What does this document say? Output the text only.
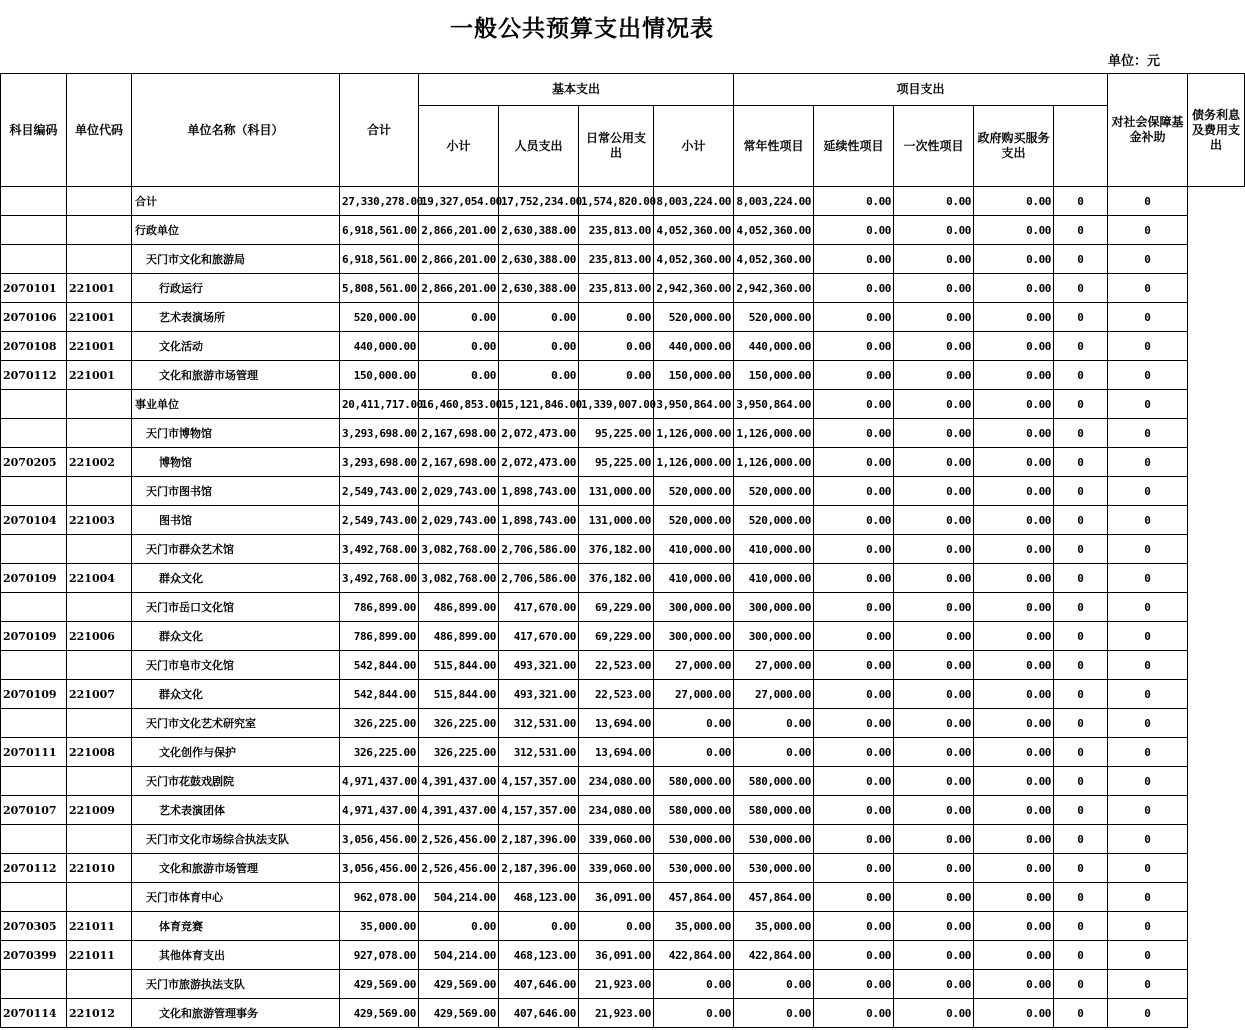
一般公共预算支出情况表
单位：元
科目编码	单位代码	单位名称（科目）	合计	基本支出				项目支出					对社会保障基金补助	债务利息及费用支出
				小计	人员支出	日常公用支出	小计	常年性项目	延续性项目	一次性项目	政府购买服务支出			
		合计	27,330,278.00	19,327,054.00	17,752,234.00	1,574,820.00	8,003,224.00	8,003,224.00	0.00	0.00	0.00	0	0	
		行政单位	6,918,561.00	2,866,201.00	2,630,388.00	235,813.00	4,052,360.00	4,052,360.00	0.00	0.00	0.00	0	0	
		天门市文化和旅游局	6,918,561.00	2,866,201.00	2,630,388.00	235,813.00	4,052,360.00	4,052,360.00	0.00	0.00	0.00	0	0	
2070101	221001	行政运行	5,808,561.00	2,866,201.00	2,630,388.00	235,813.00	2,942,360.00	2,942,360.00	0.00	0.00	0.00	0	0	
2070106	221001	艺术表演场所	520,000.00	0.00	0.00	0.00	520,000.00	520,000.00	0.00	0.00	0.00	0	0	
2070108	221001	文化活动	440,000.00	0.00	0.00	0.00	440,000.00	440,000.00	0.00	0.00	0.00	0	0	
2070112	221001	文化和旅游市场管理	150,000.00	0.00	0.00	0.00	150,000.00	150,000.00	0.00	0.00	0.00	0	0	
		事业单位	20,411,717.00	16,460,853.00	15,121,846.00	1,339,007.00	3,950,864.00	3,950,864.00	0.00	0.00	0.00	0	0	
		天门市博物馆	3,293,698.00	2,167,698.00	2,072,473.00	95,225.00	1,126,000.00	1,126,000.00	0.00	0.00	0.00	0	0	
2070205	221002	博物馆	3,293,698.00	2,167,698.00	2,072,473.00	95,225.00	1,126,000.00	1,126,000.00	0.00	0.00	0.00	0	0	
		天门市图书馆	2,549,743.00	2,029,743.00	1,898,743.00	131,000.00	520,000.00	520,000.00	0.00	0.00	0.00	0	0	
2070104	221003	图书馆	2,549,743.00	2,029,743.00	1,898,743.00	131,000.00	520,000.00	520,000.00	0.00	0.00	0.00	0	0	
		天门市群众艺术馆	3,492,768.00	3,082,768.00	2,706,586.00	376,182.00	410,000.00	410,000.00	0.00	0.00	0.00	0	0	
2070109	221004	群众文化	3,492,768.00	3,082,768.00	2,706,586.00	376,182.00	410,000.00	410,000.00	0.00	0.00	0.00	0	0	
		天门市岳口文化馆	786,899.00	486,899.00	417,670.00	69,229.00	300,000.00	300,000.00	0.00	0.00	0.00	0	0	
2070109	221006	群众文化	786,899.00	486,899.00	417,670.00	69,229.00	300,000.00	300,000.00	0.00	0.00	0.00	0	0	
		天门市皂市文化馆	542,844.00	515,844.00	493,321.00	22,523.00	27,000.00	27,000.00	0.00	0.00	0.00	0	0	
2070109	221007	群众文化	542,844.00	515,844.00	493,321.00	22,523.00	27,000.00	27,000.00	0.00	0.00	0.00	0	0	
		天门市文化艺术研究室	326,225.00	326,225.00	312,531.00	13,694.00	0.00	0.00	0.00	0.00	0.00	0	0	
2070111	221008	文化创作与保护	326,225.00	326,225.00	312,531.00	13,694.00	0.00	0.00	0.00	0.00	0.00	0	0	
		天门市花鼓戏剧院	4,971,437.00	4,391,437.00	4,157,357.00	234,080.00	580,000.00	580,000.00	0.00	0.00	0.00	0	0	
2070107	221009	艺术表演团体	4,971,437.00	4,391,437.00	4,157,357.00	234,080.00	580,000.00	580,000.00	0.00	0.00	0.00	0	0	
		天门市文化市场综合执法支队	3,056,456.00	2,526,456.00	2,187,396.00	339,060.00	530,000.00	530,000.00	0.00	0.00	0.00	0	0	
2070112	221010	文化和旅游市场管理	3,056,456.00	2,526,456.00	2,187,396.00	339,060.00	530,000.00	530,000.00	0.00	0.00	0.00	0	0	
		天门市体育中心	962,078.00	504,214.00	468,123.00	36,091.00	457,864.00	457,864.00	0.00	0.00	0.00	0	0	
2070305	221011	体育竞赛	35,000.00	0.00	0.00	0.00	35,000.00	35,000.00	0.00	0.00	0.00	0	0	
2070399	221011	其他体育支出	927,078.00	504,214.00	468,123.00	36,091.00	422,864.00	422,864.00	0.00	0.00	0.00	0	0	
		天门市旅游执法支队	429,569.00	429,569.00	407,646.00	21,923.00	0.00	0.00	0.00	0.00	0.00	0	0	
2070114	221012	文化和旅游管理事务	429,569.00	429,569.00	407,646.00	21,923.00	0.00	0.00	0.00	0.00	0.00	0	0	
